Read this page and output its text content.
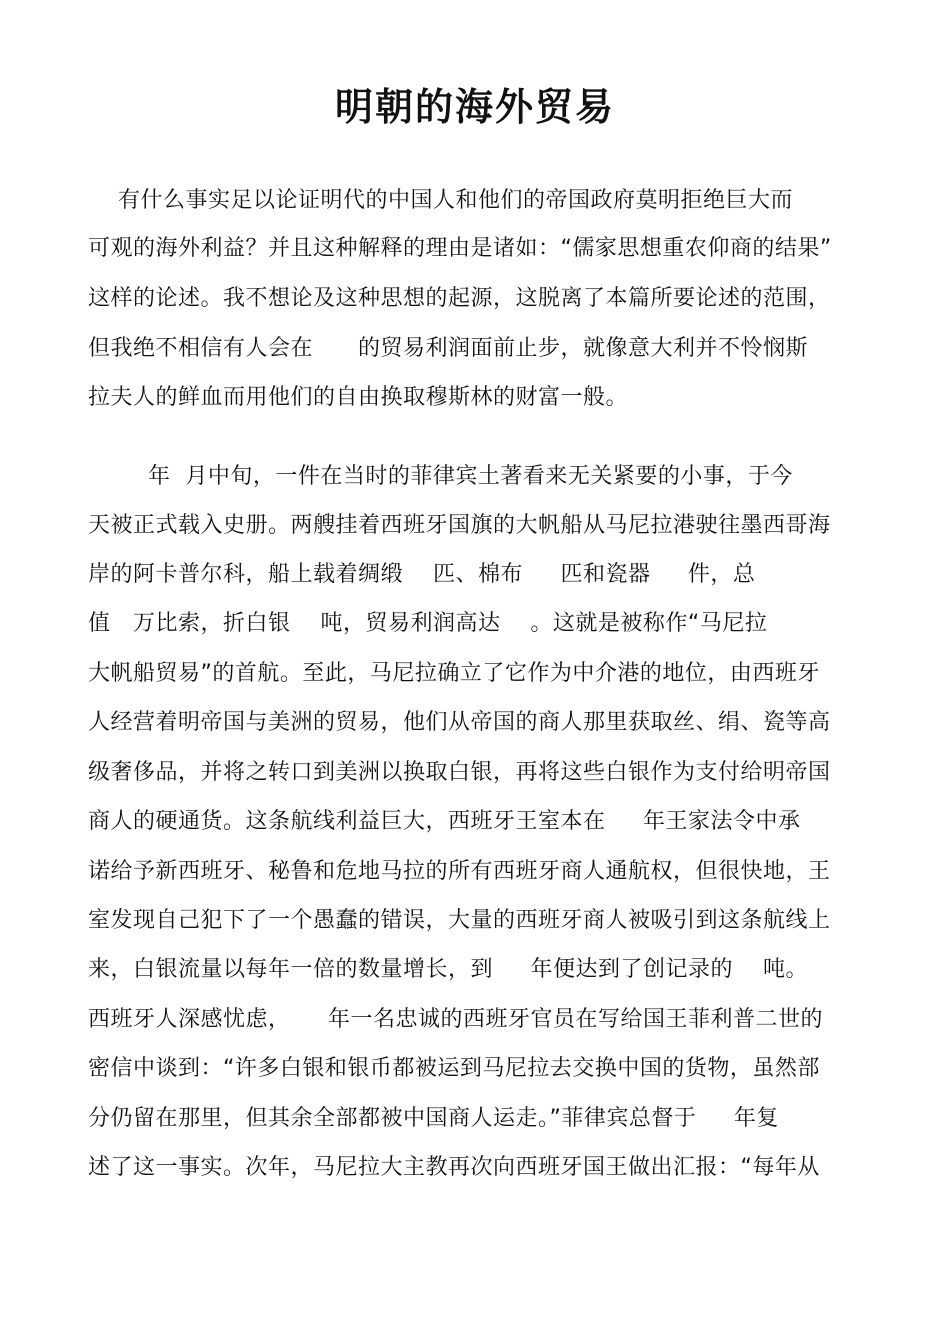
明朝的海外贸易
有什么事实足以论证明代的中国人和他们的帝国政府莫明拒绝巨大而
可观的海外利益？并且这种解释的理由是诸如：“儒家思想重农仰商的结果”
这样的论述。我不想论及这种思想的起源，这脱离了本篇所要论述的范围，
但我绝不相信有人会在      的贸易利润面前止步，就像意大利并不怜悯斯
拉夫人的鲜血而用他们的自由换取穆斯林的财富一般。
年  月中旬，一件在当时的菲律宾土著看来无关紧要的小事，于今
天被正式载入史册。两艘挂着西班牙国旗的大帆船从马尼拉港驶往墨西哥海
岸的阿卡普尔科，船上载着绸缎    匹、棉布     匹和瓷器     件，总
值   万比索，折白银    吨，贸易利润高达    。这就是被称作“马尼拉
大帆船贸易”的首航。至此，马尼拉确立了它作为中介港的地位，由西班牙
人经营着明帝国与美洲的贸易，他们从帝国的商人那里获取丝、绢、瓷等高
级奢侈品，并将之转口到美洲以换取白银，再将这些白银作为支付给明帝国
商人的硬通货。这条航线利益巨大，西班牙王室本在     年王家法令中承
诺给予新西班牙、秘鲁和危地马拉的所有西班牙商人通航权，但很快地，王
室发现自己犯下了一个愚蠢的错误，大量的西班牙商人被吸引到这条航线上
来，白银流量以每年一倍的数量增长，到     年便达到了创记录的    吨。
西班牙人深感忧虑，     年一名忠诚的西班牙官员在写给国王菲利普二世的
密信中谈到：“许多白银和银币都被运到马尼拉去交换中国的货物，虽然部
分仍留在那里，但其余全部都被中国商人运走。”菲律宾总督于     年复
述了这一事实。次年，马尼拉大主教再次向西班牙国王做出汇报：“每年从
